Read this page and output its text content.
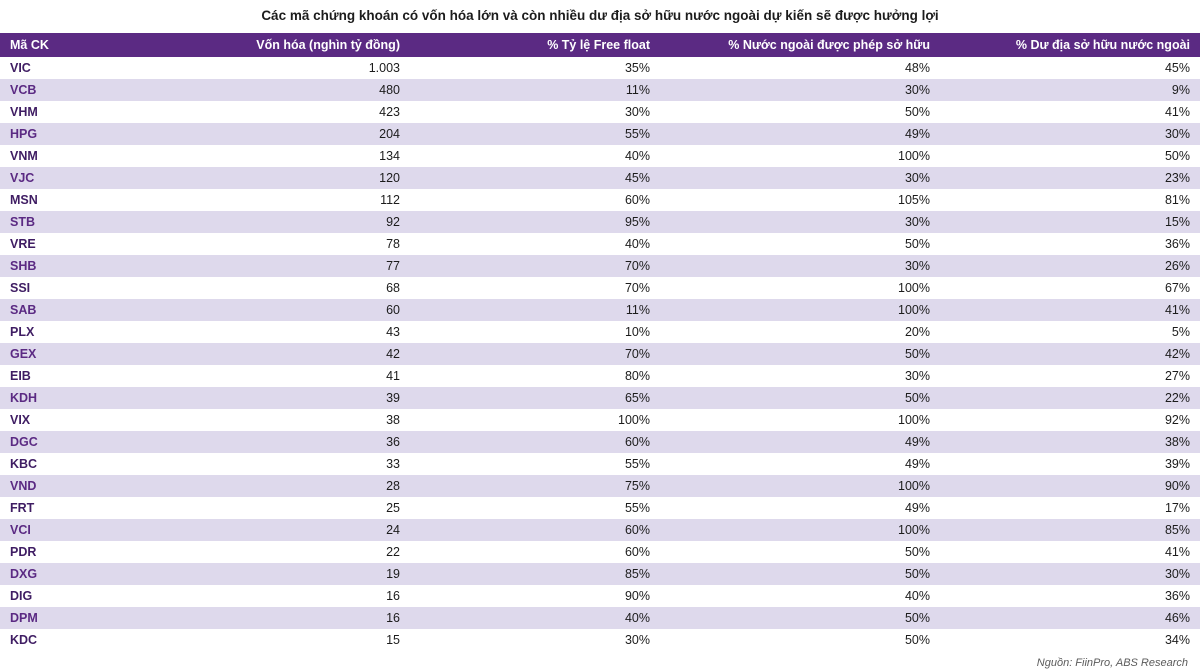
Các mã chứng khoán có vốn hóa lớn và còn nhiều dư địa sở hữu nước ngoài dự kiến sẽ được hưởng lợi
Mã CK	Vốn hóa (nghìn tỷ đồng)	% Tỷ lệ Free float	% Nước ngoài được phép sở hữu	% Dư địa sở hữu nước ngoài
VIC	1.003	35%	48%	45%
VCB	480	11%	30%	9%
VHM	423	30%	50%	41%
HPG	204	55%	49%	30%
VNM	134	40%	100%	50%
VJC	120	45%	30%	23%
MSN	112	60%	105%	81%
STB	92	95%	30%	15%
VRE	78	40%	50%	36%
SHB	77	70%	30%	26%
SSI	68	70%	100%	67%
SAB	60	11%	100%	41%
PLX	43	10%	20%	5%
GEX	42	70%	50%	42%
EIB	41	80%	30%	27%
KDH	39	65%	50%	22%
VIX	38	100%	100%	92%
DGC	36	60%	49%	38%
KBC	33	55%	49%	39%
VND	28	75%	100%	90%
FRT	25	55%	49%	17%
VCI	24	60%	100%	85%
PDR	22	60%	50%	41%
DXG	19	85%	50%	30%
DIG	16	90%	40%	36%
DPM	16	40%	50%	46%
KDC	15	30%	50%	34%
Nguồn: FiinPro, ABS Research
